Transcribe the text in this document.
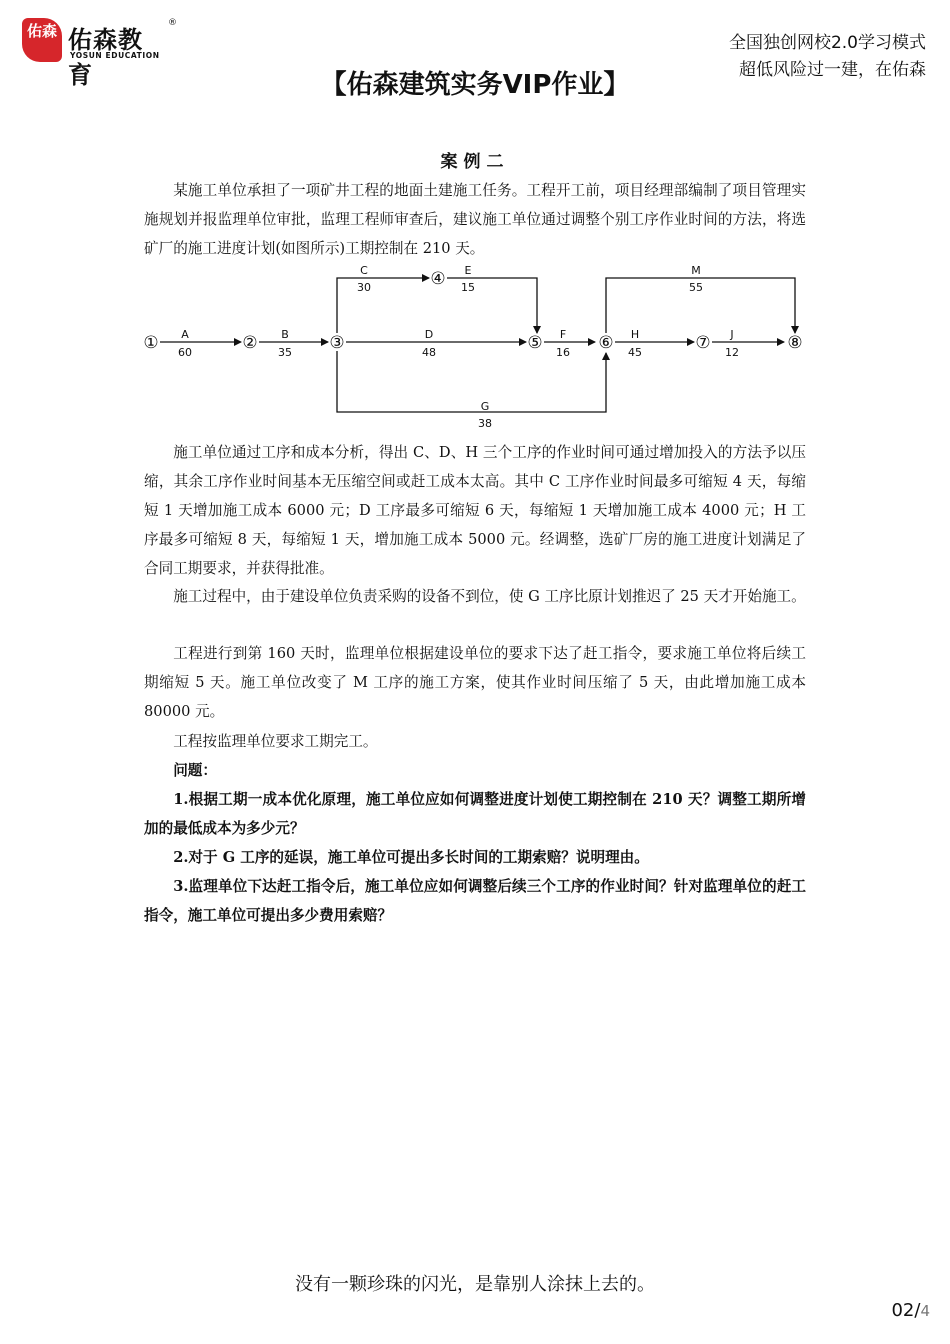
佑森 佑森教育
®
YOSUN EDUCATION
全国独创网校2.0学习模式
超低风险过一建，在佑森
【佑森建筑实务VIP作业】
案例二

某施工单位承担了一项矿井工程的地面土建施工任务。工程开工前，项目经理部编制了项目管理实施规划并报监理单位审批，监理工程师审查后，建议施工单位通过调整个别工序作业时间的方法，将选矿厂的施工进度计划(如图所示)工期控制在 210 天。

①	②	③
④
⑤	⑥	⑦	⑧
A
60
B
35
C
30
E
15
D
48
F
16
G
38
M
55
H
45
J
12

施工单位通过工序和成本分析，得出 C、D、H 三个工序的作业时间可通过增加投入的方法予以压缩，其余工序作业时间基本无压缩空间或赶工成本太高。其中 C 工序作业时间最多可缩短 4 天，每缩短 1 天增加施工成本 6000 元；D 工序最多可缩短 6 天，每缩短 1 天增加施工成本 4000 元；H 工序最多可缩短 8 天，每缩短 1 天，增加施工成本 5000 元。经调整，选矿厂房的施工进度计划满足了合同工期要求，并获得批准。

施工过程中，由于建设单位负责采购的设备不到位，使 G 工序比原计划推迟了 25 天才开始施工。

工程进行到第 160 天时，监理单位根据建设单位的要求下达了赶工指令，要求施工单位将后续工期缩短 5 天。施工单位改变了 M 工序的施工方案，使其作业时间压缩了 5 天，由此增加施工成本 80000 元。

工程按监理单位要求工期完工。

问题：

1.根据工期一成本优化原理，施工单位应如何调整进度计划使工期控制在 210 天？调整工期所增加的最低成本为多少元？

2.对于 G 工序的延误，施工单位可提出多长时间的工期索赔？说明理由。

3.监理单位下达赶工指令后，施工单位应如何调整后续三个工序的作业时间？针对监理单位的赶工指令，施工单位可提出多少费用索赔？

没有一颗珍珠的闪光，是靠别人涂抹上去的。
02/4
